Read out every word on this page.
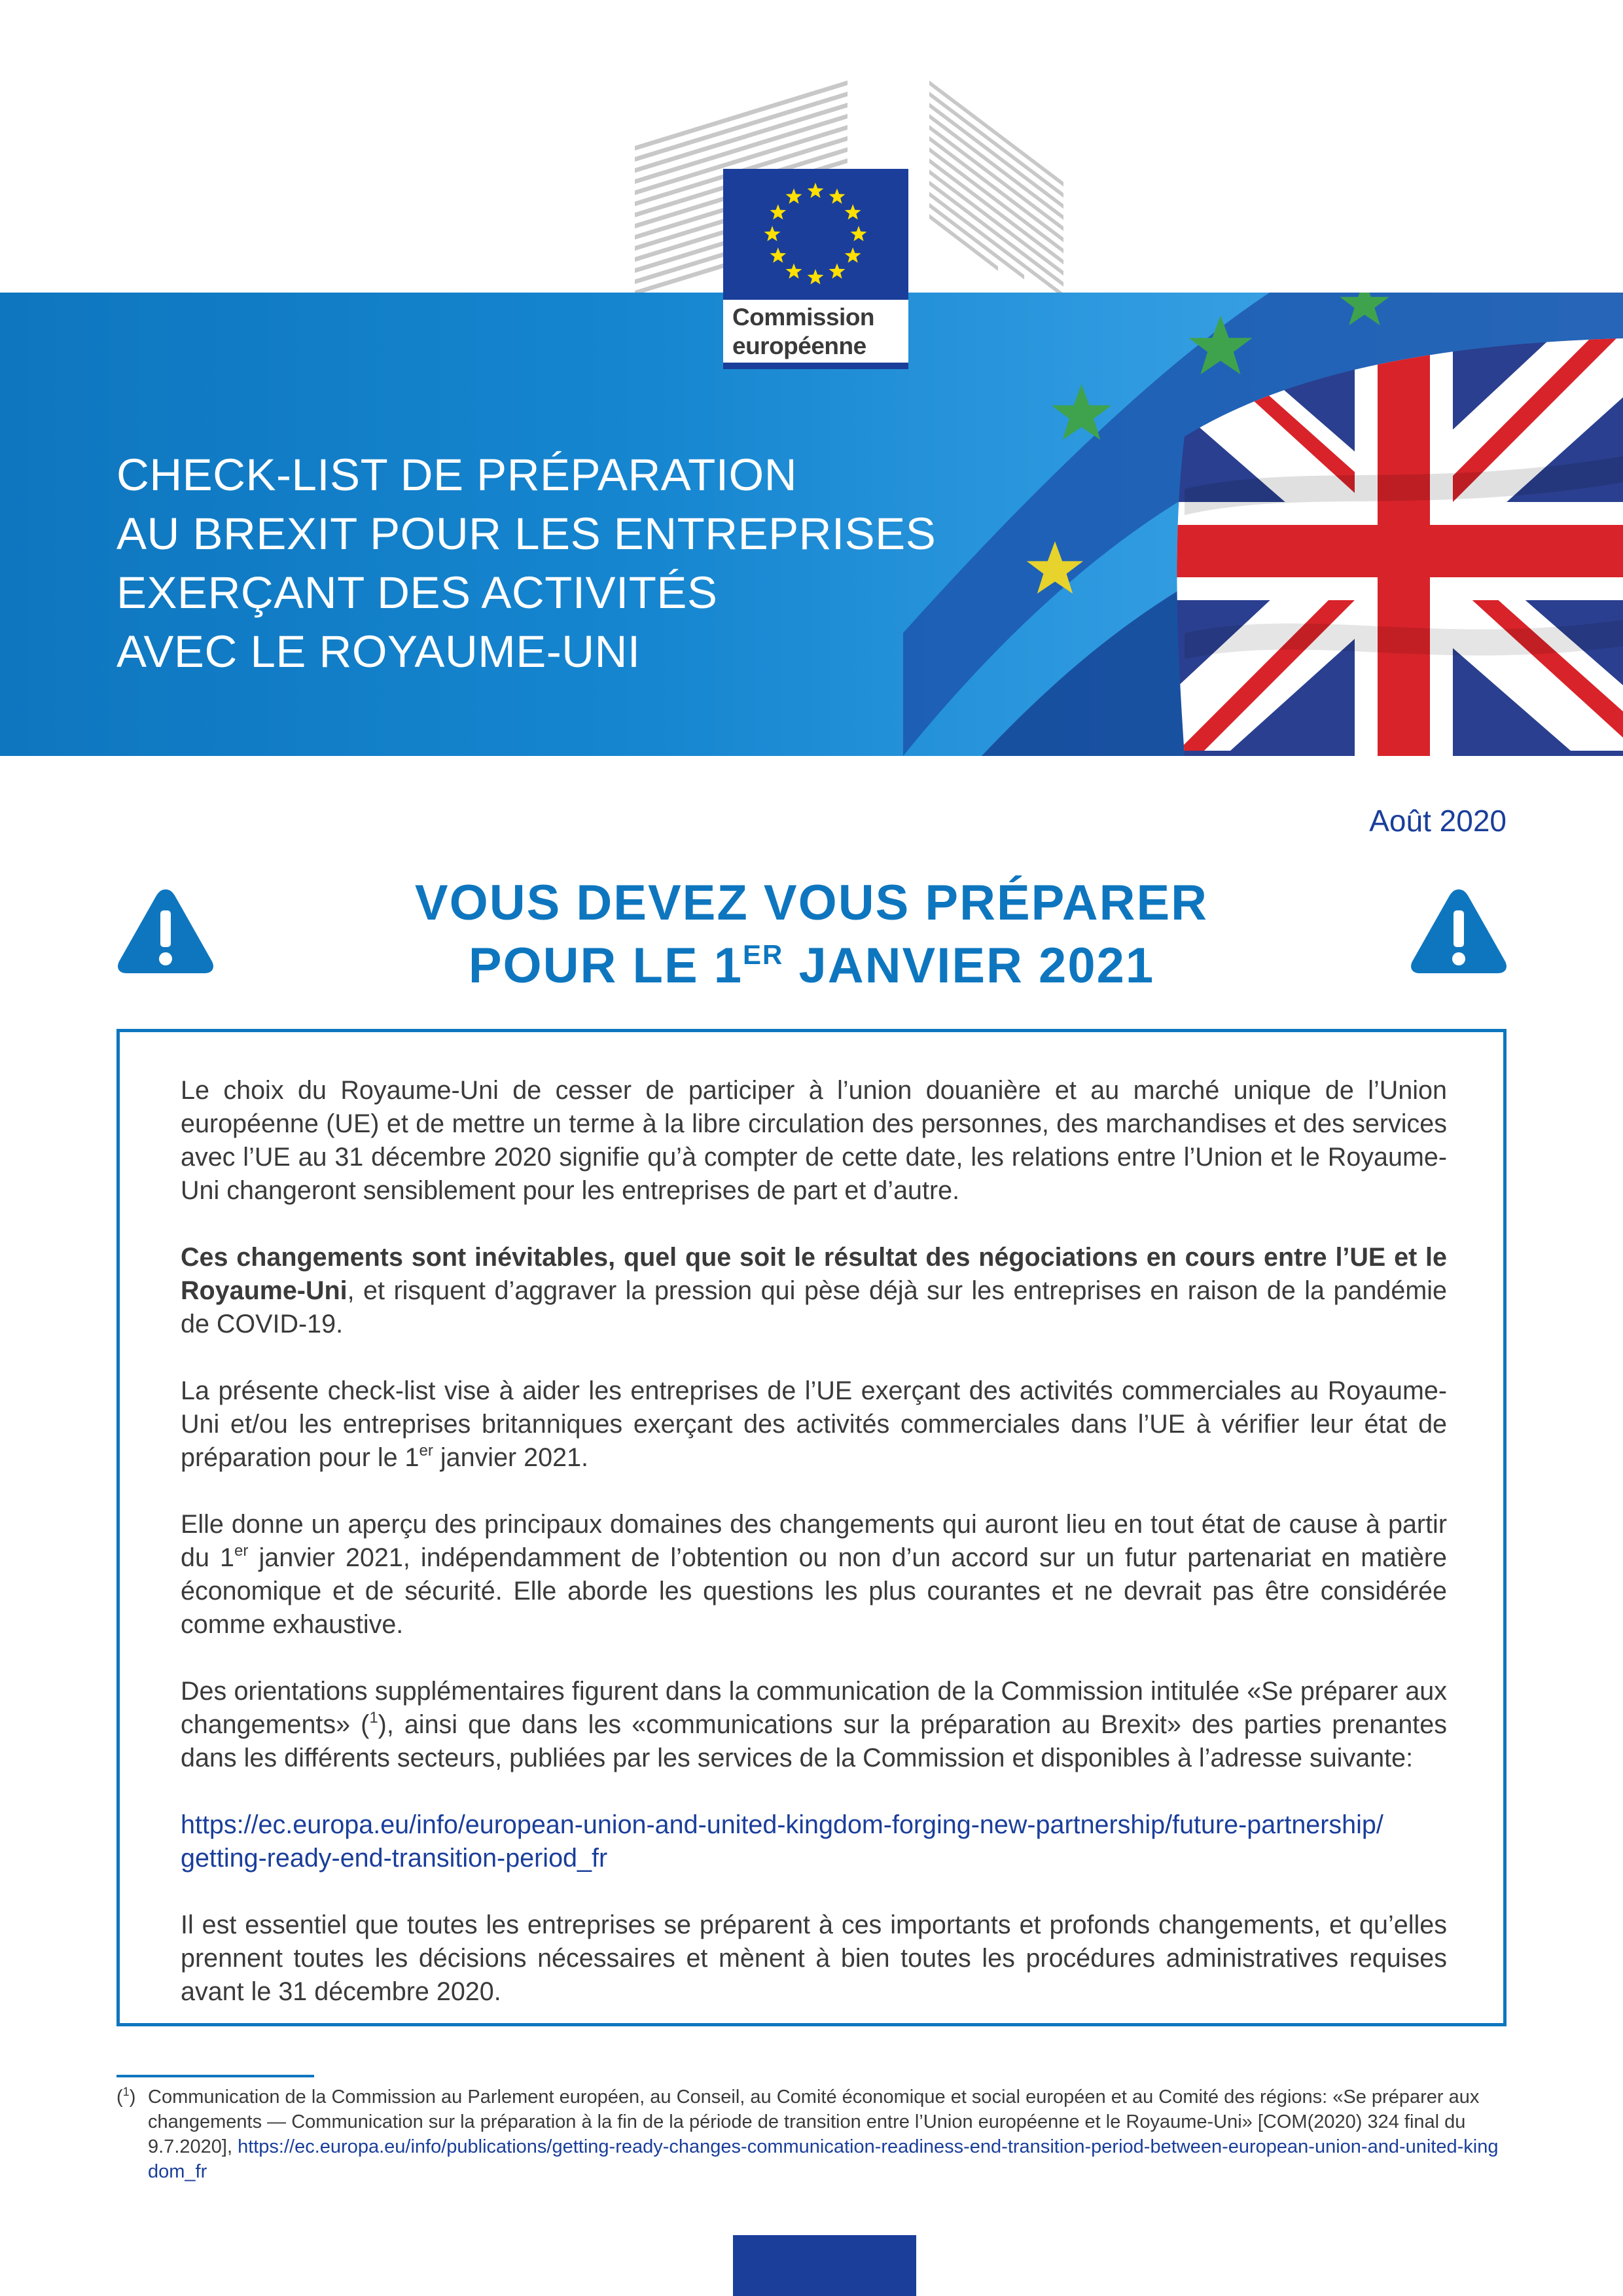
CHECK-LIST DE PRÉPARATION
AU BREXIT POUR LES ENTREPRISES
EXERÇANT DES ACTIVITÉS
AVEC LE ROYAUME-UNI
Commission
européenne
Août 2020
VOUS DEVEZ VOUS PRÉPARER
POUR LE 1ER JANVIER 2021

Le choix du Royaume-Uni de cesser de participer à l’union douanière et au marché unique de l’Union européenne (UE) et de mettre un terme à la libre circulation des personnes, des marchandises et des services avec l’UE au 31 décembre 2020 signifie qu’à compter de cette date, les relations entre l’Union et le Royaume-Uni changeront sensiblement pour les entreprises de part et d’autre.

Ces changements sont inévitables, quel que soit le résultat des négociations en cours entre l’UE et le Royaume-Uni, et risquent d’aggraver la pression qui pèse déjà sur les entreprises en raison de la pandémie de COVID-19.

La présente check-list vise à aider les entreprises de l’UE exerçant des activités commerciales au Royaume-Uni et/ou les entreprises britanniques exerçant des activités commerciales dans l’UE à vérifier leur état de préparation pour le 1er janvier 2021.

Elle donne un aperçu des principaux domaines des changements qui auront lieu en tout état de cause à partir du 1er janvier 2021, indépendamment de l’obtention ou non d’un accord sur un futur partenariat en matière économique et de sécurité. Elle aborde les questions les plus courantes et ne devrait pas être considérée comme exhaustive.

Des orientations supplémentaires figurent dans la communication de la Commission intitulée «Se préparer aux changements» ($^1$), ainsi que dans les «communications sur la préparation au Brexit» des parties prenantes dans les différents secteurs, publiées par les services de la Commission et disponibles à l’adresse suivante:

https://ec.europa.eu/info/european-union-and-united-kingdom-forging-new-partnership/future-partnership/
getting-ready-end-transition-period_fr

Il est essentiel que toutes les entreprises se préparent à ces importants et profonds changements, et qu’elles prennent toutes les décisions nécessaires et mènent à bien toutes les procédures administratives requises avant le 31 décembre 2020.

($^1$) Communication de la Commission au Parlement européen, au Conseil, au Comité économique et social européen et au Comité des régions: «Se préparer aux changements — Communication sur la préparation à la fin de la période de transition entre l’Union européenne et le Royaume-Uni» [COM(2020) 324 final du 9.7.2020], https://ec.europa.eu/info/publications/getting-ready-changes-communication-readiness-end-transition-period-between-european-union-and-united-kingdom_fr
